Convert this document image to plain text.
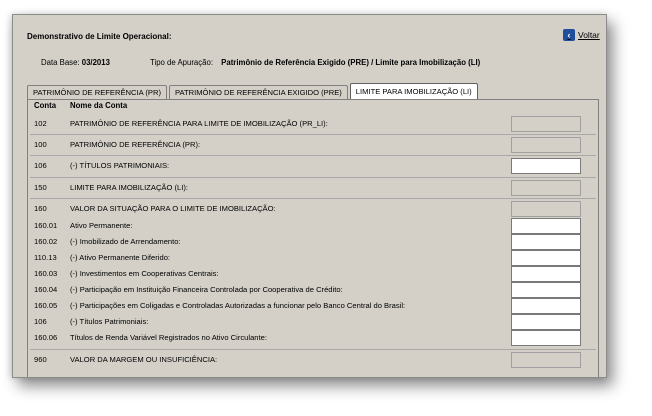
Demonstrativo de Limite Operacional:	‹ Voltar
Data Base: 03/2013	Tipo de Apuração: Patrimônio de Referência Exigido (PRE) / Limite para Imobilização (LI)
PATRIMÔNIO DE REFERÊNCIA (PR)	PATRIMÔNIO DE REFERÊNCIA EXIGIDO (PRE)	LIMITE PARA IMOBILIZAÇÃO (LI)
Conta	Nome da Conta
102	PATRIMÔNIO DE REFERÊNCIA PARA LIMITE DE IMOBILIZAÇÃO (PR_LI):
100	PATRIMÔNIO DE REFERÊNCIA (PR):
106	(-) TÍTULOS PATRIMONIAIS:
150	LIMITE PARA IMOBILIZAÇÃO (LI):
160	VALOR DA SITUAÇÃO PARA O LIMITE DE IMOBILIZAÇÃO:
160.01 Ativo Permanente:
160.02 (-) Imobilizado de Arrendamento:
110.13 (-) Ativo Permanente Diferido:
160.03 (-) Investimentos em Cooperativas Centrais:
160.04 (-) Participação em Instituição Financeira Controlada por Cooperativa de Crédito:
160.05 (-) Participações em Coligadas e Controladas Autorizadas a funcionar pelo Banco Central do Brasil:
106	(-) Títulos Patrimoniais:
160.06 Títulos de Renda Variável Registrados no Ativo Circulante:
960	VALOR DA MARGEM OU INSUFICIÊNCIA:
